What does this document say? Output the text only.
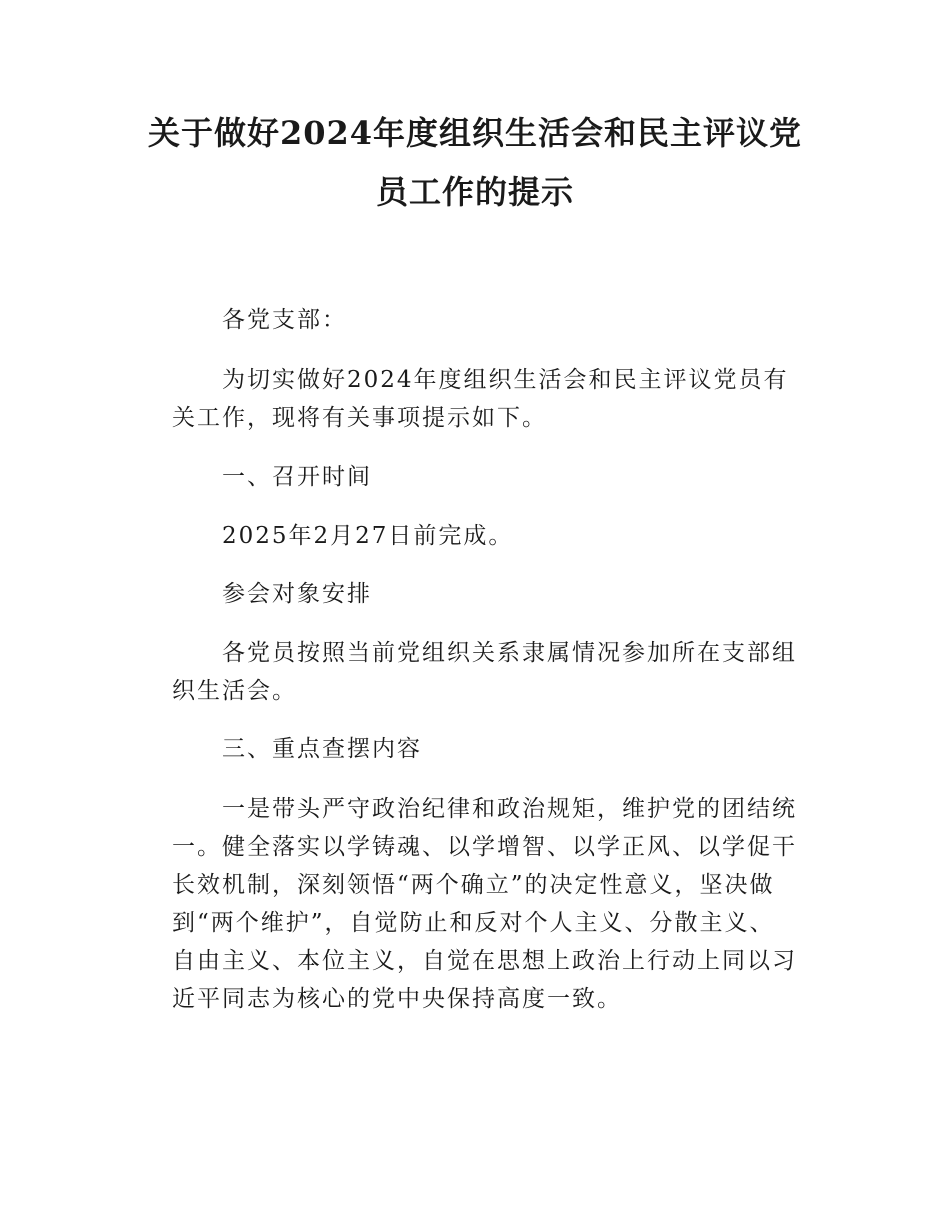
关于做好2024年度组织生活会和民主评议党
员工作的提示

各党支部：

为切实做好2024年度组织生活会和民主评议党员有关工作，现将有关事项提示如下。

一、召开时间

2025年2月27日前完成。

参会对象安排

各党员按照当前党组织关系隶属情况参加所在支部组织生活会。

三、重点查摆内容

一是带头严守政治纪律和政治规矩，维护党的团结统一。健全落实以学铸魂、以学增智、以学正风、以学促干长效机制，深刻领悟“两个确立”的决定性意义，坚决做到“两个维护”，自觉防止和反对个人主义、分散主义、自由主义、本位主义，自觉在思想上政治上行动上同以习近平同志为核心的党中央保持高度一致。
